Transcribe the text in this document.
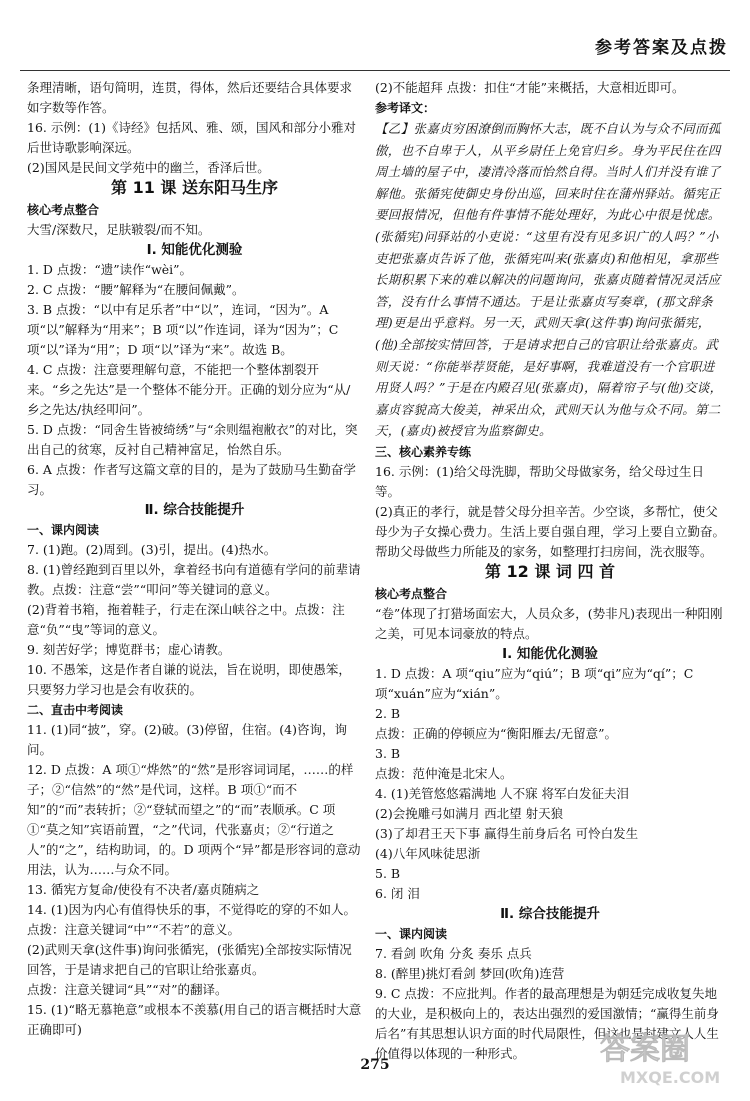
参考答案及点拨

条理清晰，语句简明，连贯，得体，然后还要结合具体要求如字数等作答。

16. 示例：(1)《诗经》包括风、雅、颂，国风和部分小雅对后世诗歌影响深远。

(2)国风是民间文学苑中的幽兰，香泽后世。

第 11 课 送东阳马生序

核心考点整合

大雪/深数尺，足肤皲裂/而不知。

Ⅰ. 知能优化测验

1. D 点拨：“遗”读作“wèi”。

2. C 点拨：“腰”解释为“在腰间佩戴”。

3. B 点拨：“以中有足乐者”中“以”，连词，“因为”。A 项“以”解释为“用来”；B 项“以”作连词，译为“因为”；C 项“以”译为“用”；D 项“以”译为“来”。故选 B。

4. C 点拨：注意要理解句意，不能把一个整体割裂开来。“乡之先达”是一个整体不能分开。正确的划分应为“从/乡之先达/执经叩问”。

5. D 点拨：“同舍生皆被绮绣”与“余则缊袍敝衣”的对比，突出自己的贫寒，反衬自己精神富足，怡然自乐。

6. A 点拨：作者写这篇文章的目的，是为了鼓励马生勤奋学习。

Ⅱ. 综合技能提升

一、课内阅读

7. (1)跑。(2)周到。(3)引，提出。(4)热水。

8. (1)曾经跑到百里以外，拿着经书向有道德有学问的前辈请教。点拨：注意“尝”“叩问”等关键词的意义。

(2)背着书箱，拖着鞋子，行走在深山峡谷之中。点拨：注意“负”“曳”等词的意义。

9. 刻苦好学；博览群书；虚心请教。

10. 不愚笨，这是作者自谦的说法，旨在说明，即使愚笨，只要努力学习也是会有收获的。

二、直击中考阅读

11. (1)同“披”，穿。(2)破。(3)停留，住宿。(4)咨询，询问。

12. D 点拨：A 项①“烨然”的“然”是形容词词尾，……的样子；②“信然”的“然”是代词，这样。B 项①“而不知”的“而”表转折；②“登轼而望之”的“而”表顺承。C 项①“莫之知”宾语前置，“之”代词，代张嘉贞；②“行道之人”的“之”，结构助词，的。D 项两个“异”都是形容词的意动用法，认为……与众不同。

13. 循宪方复命/使役有不决者/嘉贞随病之

14. (1)因为内心有值得快乐的事，不觉得吃的穿的不如人。点拨：注意关键词“中”“不若”的意义。

(2)武则天拿(这件事)询问张循宪，(张循宪)全部按实际情况回答，于是请求把自己的官职让给张嘉贞。

点拨：注意关键词“具”“对”的翻译。

15. (1)“略无慕艳意”或根本不羡慕(用自己的语言概括时大意正确即可)

(2)不能超拜 点拨：扣住“才能”来概括，大意相近即可。

参考译文：

【乙】张嘉贞穷困潦倒而胸怀大志，既不自认为与众不同而孤傲，也不自卑于人，从平乡尉任上免官归乡。身为平民住在四周土墙的屋子中，凄清冷落而怡然自得。当时人们并没有谁了解他。张循宪使御史身份出巡，回来时住在蒲州驿站。循宪正要回报情况，但他有件事情不能处理好，为此心中很是忧虑。(张循宪)问驿站的小吏说：“这里有没有见多识广的人吗？”小吏把张嘉贞告诉了他，张循宪叫来(张嘉贞)和他相见，拿那些长期积累下来的难以解决的问题询问，张嘉贞随着情况灵活应答，没有什么事情不通达。于是让张嘉贞写奏章，(那文辞条理)更是出乎意料。另一天，武则天拿(这件事)询问张循宪，(他)全部按实情回答，于是请求把自己的官职让给张嘉贞。武则天说：“你能举荐贤能，是好事啊，我难道没有一个官职进用贤人吗？”于是在内殿召见(张嘉贞)，隔着帘子与(他)交谈，嘉贞容貌高大俊美，神采出众，武则天认为他与众不同。第二天，(嘉贞)被授官为监察御史。

三、核心素养专练

16. 示例：(1)给父母洗脚，帮助父母做家务，给父母过生日等。

(2)真正的孝行，就是替父母分担辛苦。少空谈，多帮忙，使父母少为子女操心费力。生活上要自强自理，学习上要自立勤奋。帮助父母做些力所能及的家务，如整理打扫房间，洗衣服等。

第 12 课 词 四 首

核心考点整合

“卷”体现了打猎场面宏大，人员众多，(势非凡)表现出一种阳刚之美，可见本词豪放的特点。

Ⅰ. 知能优化测验

1. D 点拨：A 项“qiu”应为“qiú”；B 项“qi”应为“qí”；C 项“xuán”应为“xián”。

2. B

点拨：正确的停顿应为“衡阳雁去/无留意”。

3. B

点拨：范仲淹是北宋人。

4. (1)羌管悠悠霜满地 人不寐 将军白发征夫泪

(2)会挽雕弓如满月 西北望 射天狼

(3)了却君王天下事 赢得生前身后名 可怜白发生

(4)八年风味徒思浙

5. B

6. 闭 泪

Ⅱ. 综合技能提升

一、课内阅读

7. 看剑 吹角 分炙 奏乐 点兵

8. (醉里)挑灯看剑 梦回(吹角)连营

9. C 点拨：不应批判。作者的最高理想是为朝廷完成收复失地的大业，是积极向上的，表达出强烈的爱国激情；“赢得生前身后名”有其思想认识方面的时代局限性，但这也是封建文人人生价值得以体现的一种形式。

275	答案圈
MXQE.COM
